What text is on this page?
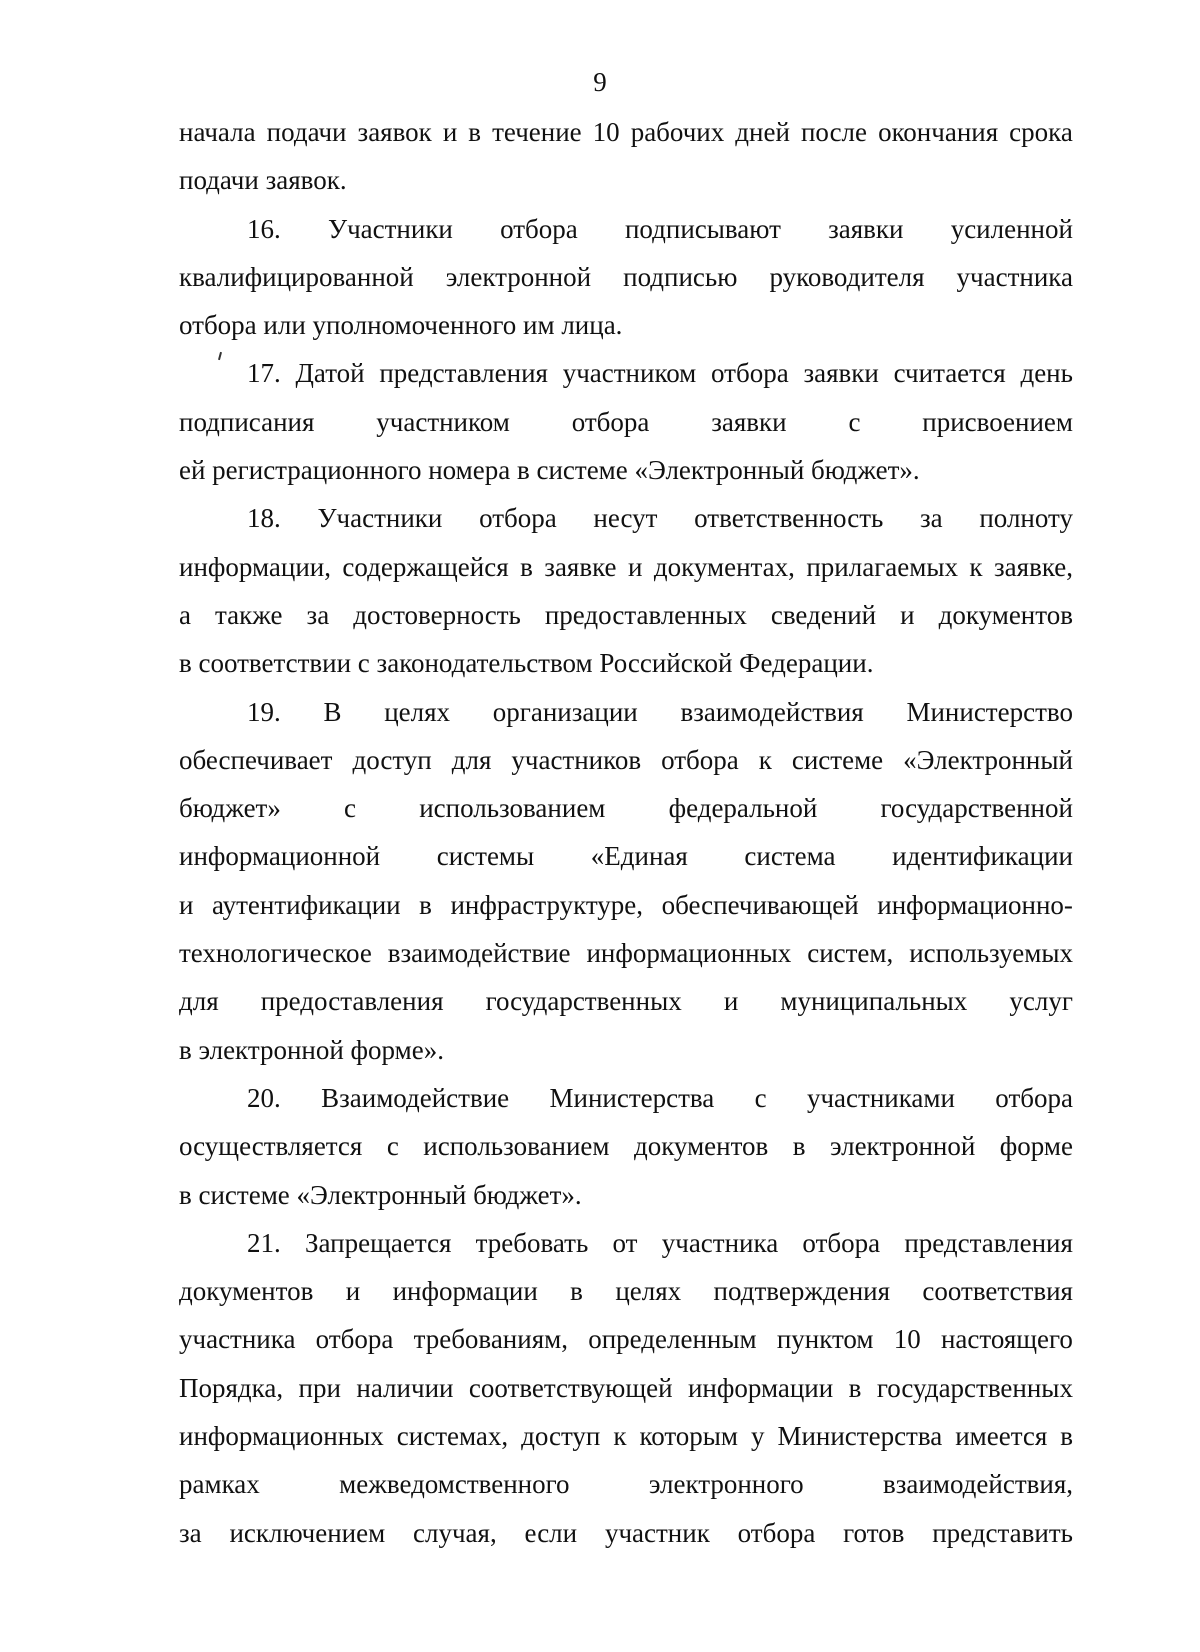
9
начала подачи заявок и в течение 10 рабочих дней после окончания срока
подачи заявок.
16. Участники отбора подписывают заявки усиленной
квалифицированной электронной подписью руководителя участника
отбора или уполномоченного им лица.
17. Датой представления участником отбора заявки считается день
подписания участником отбора заявки с присвоением
ей регистрационного номера в системе «Электронный бюджет».
18. Участники отбора несут ответственность за полноту
информации, содержащейся в заявке и документах, прилагаемых к заявке,
а также за достоверность предоставленных сведений и документов
в соответствии с законодательством Российской Федерации.
19. В целях организации взаимодействия Министерство
обеспечивает доступ для участников отбора к системе «Электронный
бюджет» с использованием федеральной государственной
информационной системы «Единая система идентификации
и аутентификации в инфраструктуре, обеспечивающей информационно-
технологическое взаимодействие информационных систем, используемых
для предоставления государственных и муниципальных услуг
в электронной форме».
20. Взаимодействие Министерства с участниками отбора
осуществляется с использованием документов в электронной форме
в системе «Электронный бюджет».
21. Запрещается требовать от участника отбора представления
документов и информации в целях подтверждения соответствия
участника отбора требованиям, определенным пунктом 10 настоящего
Порядка, при наличии соответствующей информации в государственных
информационных системах, доступ к которым у Министерства имеется в
рамках	межведомственного	электронного	взаимодействия,
за исключением случая, если участник отбора готов представить
